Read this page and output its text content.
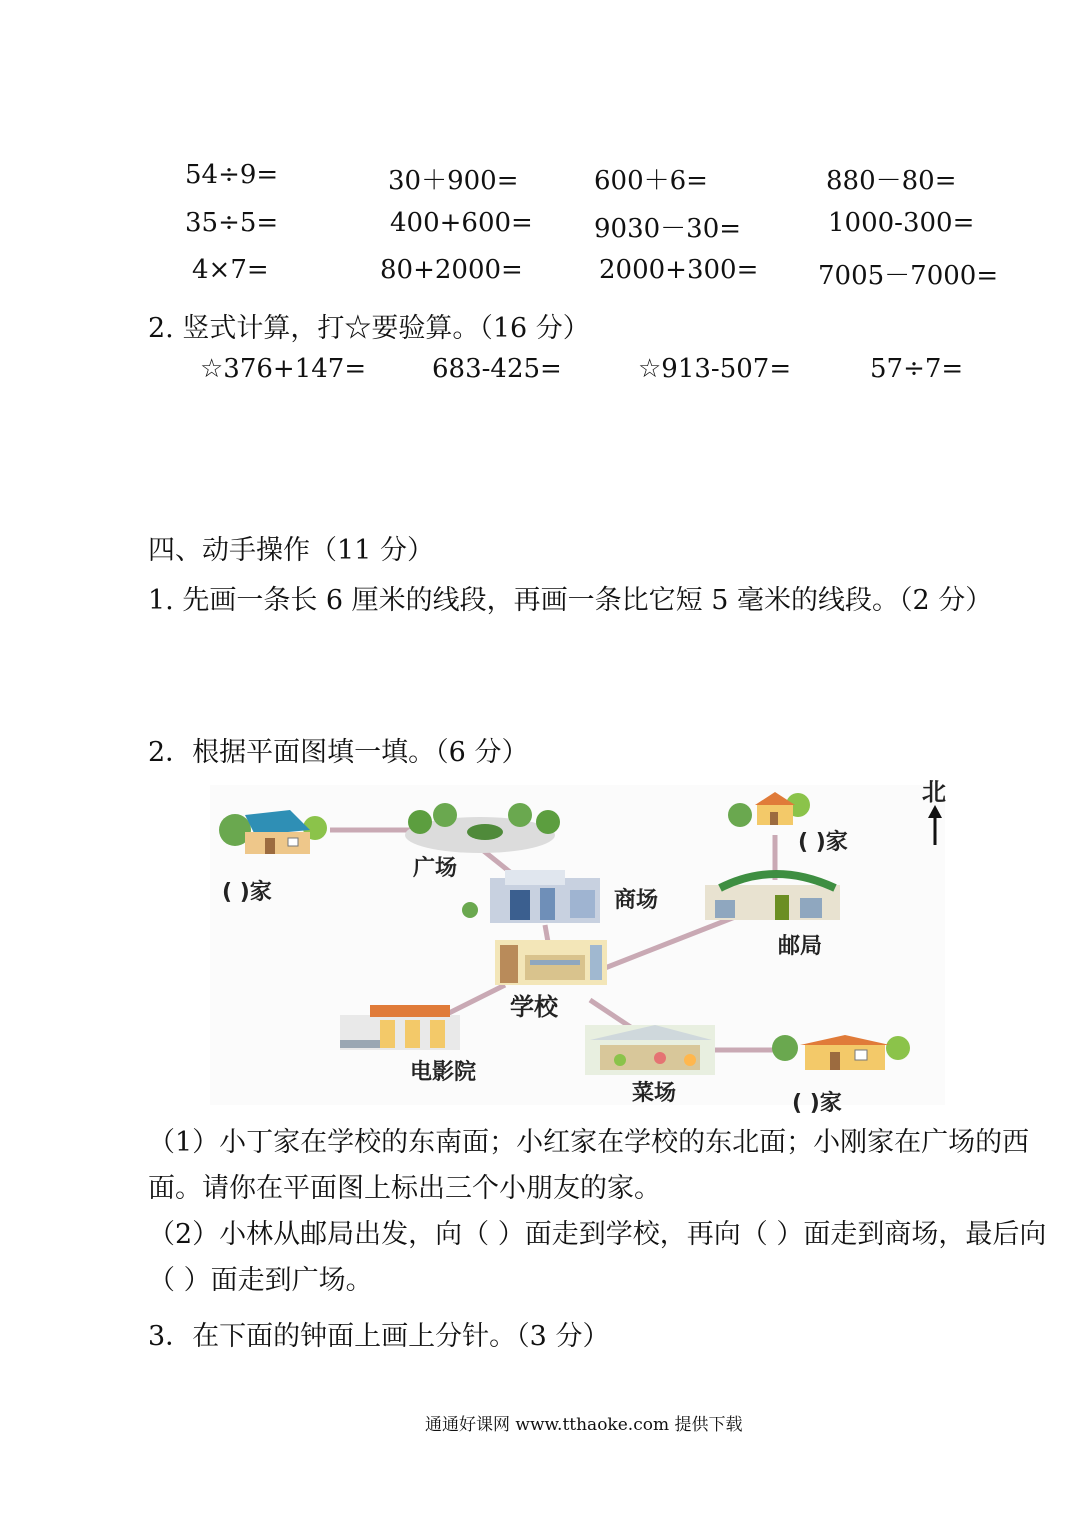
54÷9=	30＋900=	600＋6=	880－80=
35÷5=	400+600= 9030－30=	1000-300=
4×7=	80+2000=	2000+300= 7005－7000=
2. 竖式计算，打☆要验算。（16 分）
☆376+147=	683-425=	☆913-507=	57÷7=
四、动手操作（11 分）
1. 先画一条长 6 厘米的线段，再画一条比它短 5 毫米的线段。（2 分）
2．根据平面图填一填。（6 分）
北
( )家
( )家
( )家
广场
商场
邮局
学校
电影院
菜场
（1）小丁家在学校的东南面；小红家在学校的东北面；小刚家在广场的西面。请你在平面图上标出三个小朋友的家。
（2）小林从邮局出发，向（ ）面走到学校，再向（ ）面走到商场，最后向（ ）面走到广场。
3．在下面的钟面上画上分针。（3 分）
通通好课网 www.tthaoke.com 提供下载
